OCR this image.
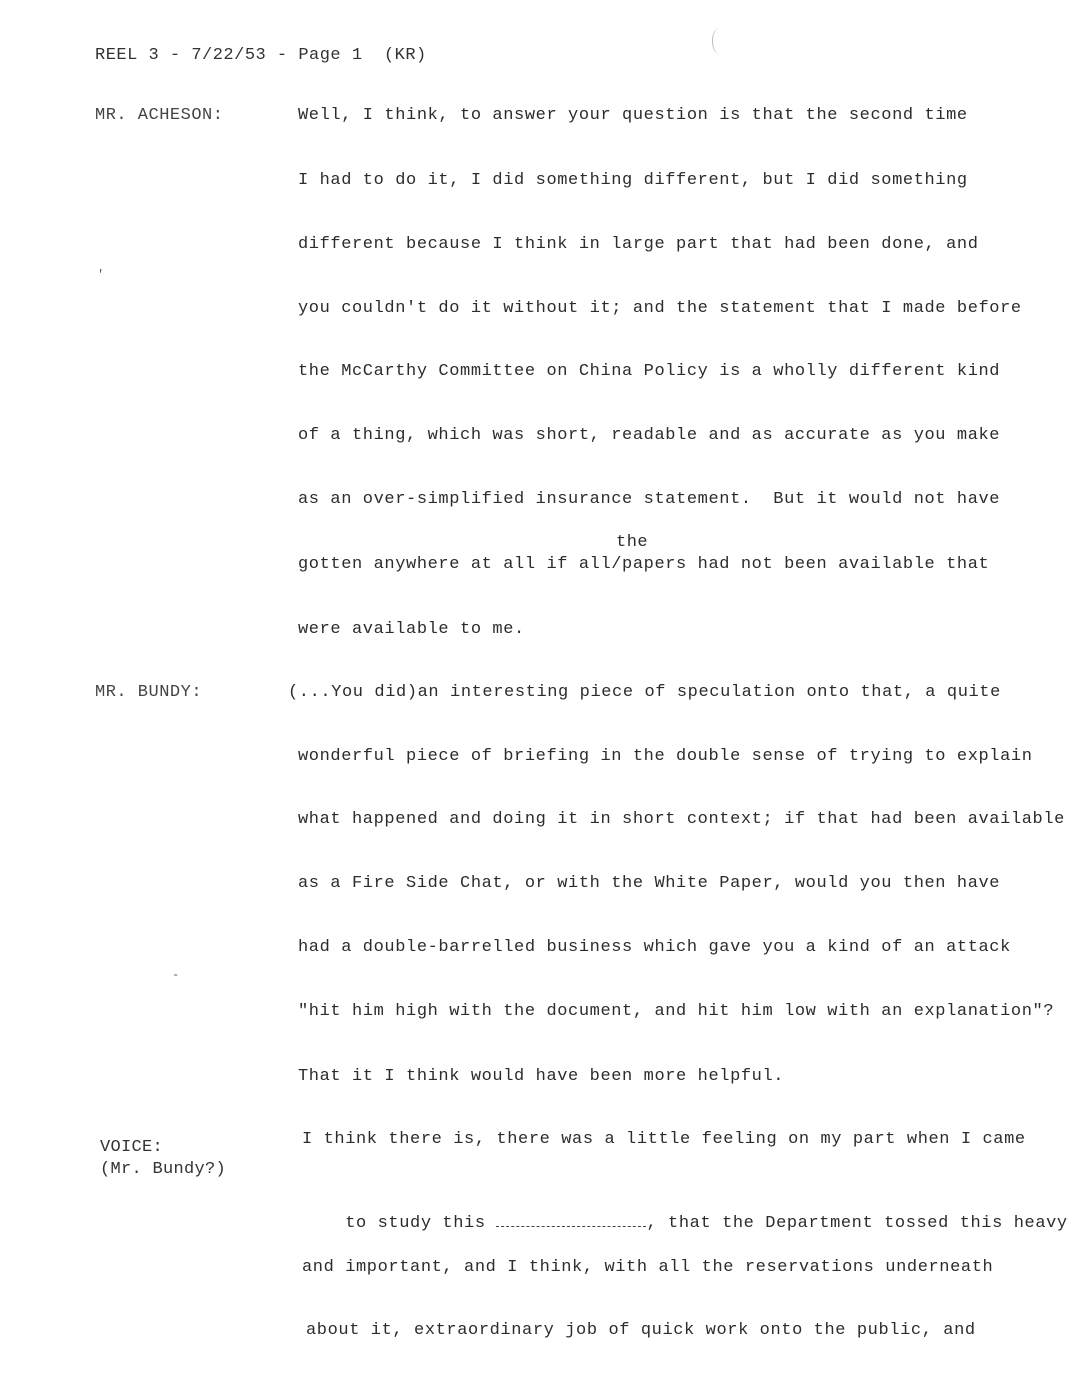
REEL 3 - 7/22/53 - Page 1  (KR)
MR. ACHESON:	Well, I think, to answer your question is that the second time
I had to do it, I did something different, but I did something
different because I think in large part that had been done, and
you couldn't do it without it; and the statement that I made before
the McCarthy Committee on China Policy is a wholly different kind
of a thing, which was short, readable and as accurate as you make
as an over-simplified insurance statement.  But it would not have
the
gotten anywhere at all if all/papers had not been available that
were available to me.
MR. BUNDY:	(...You did)an interesting piece of speculation onto that, a quite
wonderful piece of briefing in the double sense of trying to explain
what happened and doing it in short context; if that had been available
as a Fire Side Chat, or with the White Paper, would you then have
had a double-barrelled business which gave you a kind of an attack
"hit him high with the document, and hit him low with an explanation"?
That it I think would have been more helpful.
VOICE:
(Mr. Bundy?)
I think there is, there was a little feeling on my part when I came

to study this	, that the Department tossed this heavy

and important, and I think, with all the reservations underneath
about it, extraordinary job of quick work onto the public, and
'
-
